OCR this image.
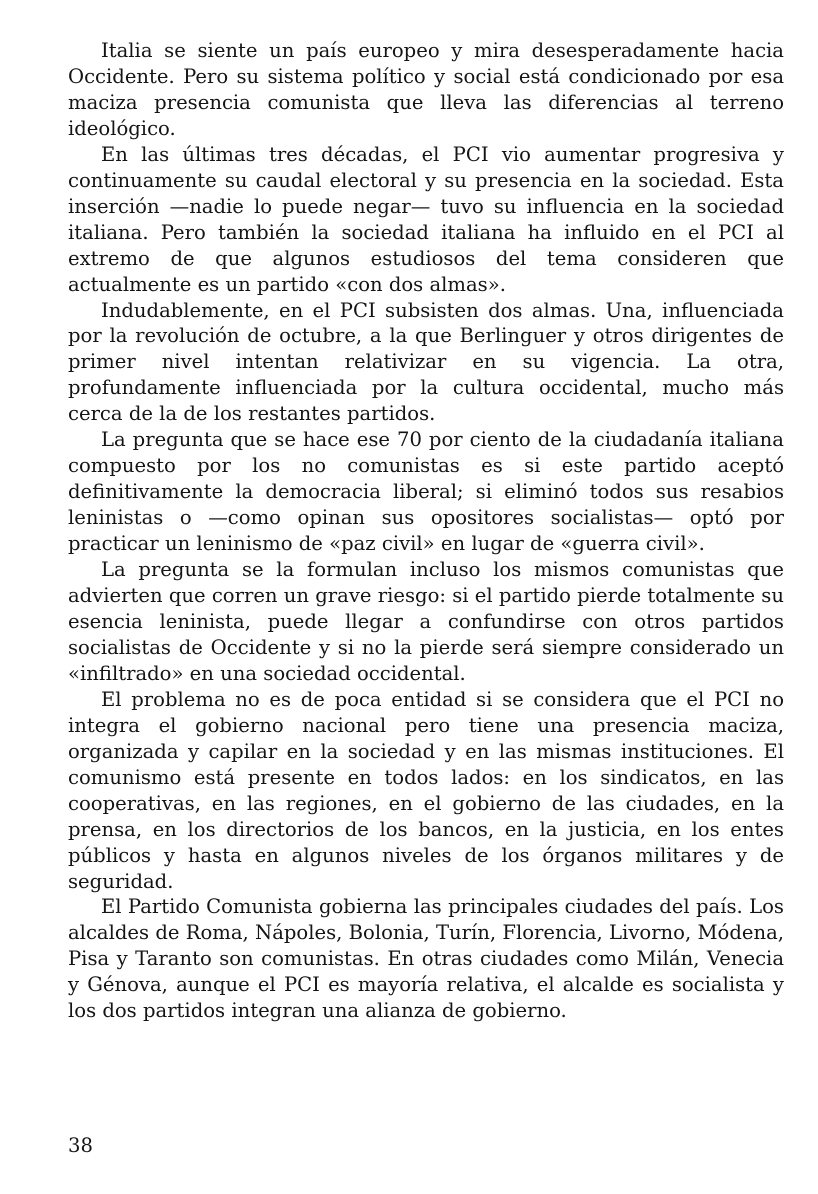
Italia se siente un país europeo y mira desesperadamente hacia Occidente. Pero su sistema político y social está condicionado por esa maciza presencia comunista que lleva las diferencias al terreno ideológico.

En las últimas tres décadas, el PCI vio aumentar progresiva y continuamente su caudal electoral y su presencia en la sociedad. Esta inserción —nadie lo puede negar— tuvo su influencia en la sociedad italiana. Pero también la sociedad italiana ha influido en el PCI al extremo de que algunos estudiosos del tema consideren que actualmente es un partido «con dos almas».

Indudablemente, en el PCI subsisten dos almas. Una, influenciada por la revolución de octubre, a la que Berlinguer y otros dirigentes de primer nivel intentan relativizar en su vigencia. La otra, profundamente influenciada por la cultura occidental, mucho más cerca de la de los restantes partidos.

La pregunta que se hace ese 70 por ciento de la ciudadanía italiana compuesto por los no comunistas es si este partido aceptó definitivamente la democracia liberal; si eliminó todos sus resabios leninistas o —como opinan sus opositores socialistas— optó por practicar un leninismo de «paz civil» en lugar de «guerra civil».

La pregunta se la formulan incluso los mismos comunistas que advierten que corren un grave riesgo: si el partido pierde totalmente su esencia leninista, puede llegar a confundirse con otros partidos socialistas de Occidente y si no la pierde será siempre considerado un «infiltrado» en una sociedad occidental.

El problema no es de poca entidad si se considera que el PCI no integra el gobierno nacional pero tiene una presencia maciza, organizada y capilar en la sociedad y en las mismas instituciones. El comunismo está presente en todos lados: en los sindicatos, en las cooperativas, en las regiones, en el gobierno de las ciudades, en la prensa, en los directorios de los bancos, en la justicia, en los entes públicos y hasta en algunos niveles de los órganos militares y de seguridad.

El Partido Comunista gobierna las principales ciudades del país. Los alcaldes de Roma, Nápoles, Bolonia, Turín, Florencia, Livorno, Módena, Pisa y Taranto son comunistas. En otras ciudades como Milán, Venecia y Génova, aunque el PCI es mayoría relativa, el alcalde es socialista y los dos partidos integran una alianza de gobierno.

38
